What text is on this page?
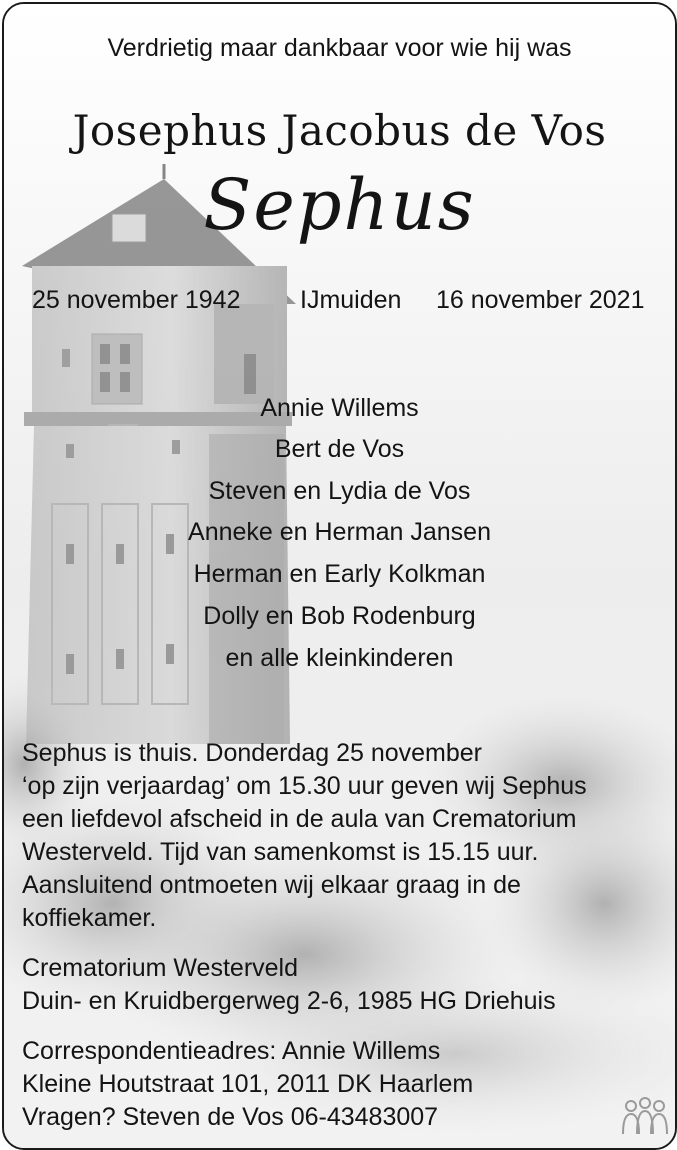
Verdrietig maar dankbaar voor wie hij was
Josephus Jacobus de Vos
Sephus
25 november 1942 IJmuiden 16 november 2021
Annie Willems
Bert de Vos
Steven en Lydia de Vos
Anneke en Herman Jansen
Herman en Early Kolkman
Dolly en Bob Rodenburg
en alle kleinkinderen
Sephus is thuis. Donderdag 25 november
‘op zijn verjaardag’ om 15.30 uur geven wij Sephus
een liefdevol afscheid in de aula van Crematorium
Westerveld. Tijd van samenkomst is 15.15 uur.
Aansluitend ontmoeten wij elkaar graag in de
koffiekamer.
Crematorium Westerveld
Duin- en Kruidbergerweg 2-6, 1985 HG Driehuis
Correspondentieadres: Annie Willems
Kleine Houtstraat 101, 2011 DK Haarlem
Vragen? Steven de Vos 06-43483007
